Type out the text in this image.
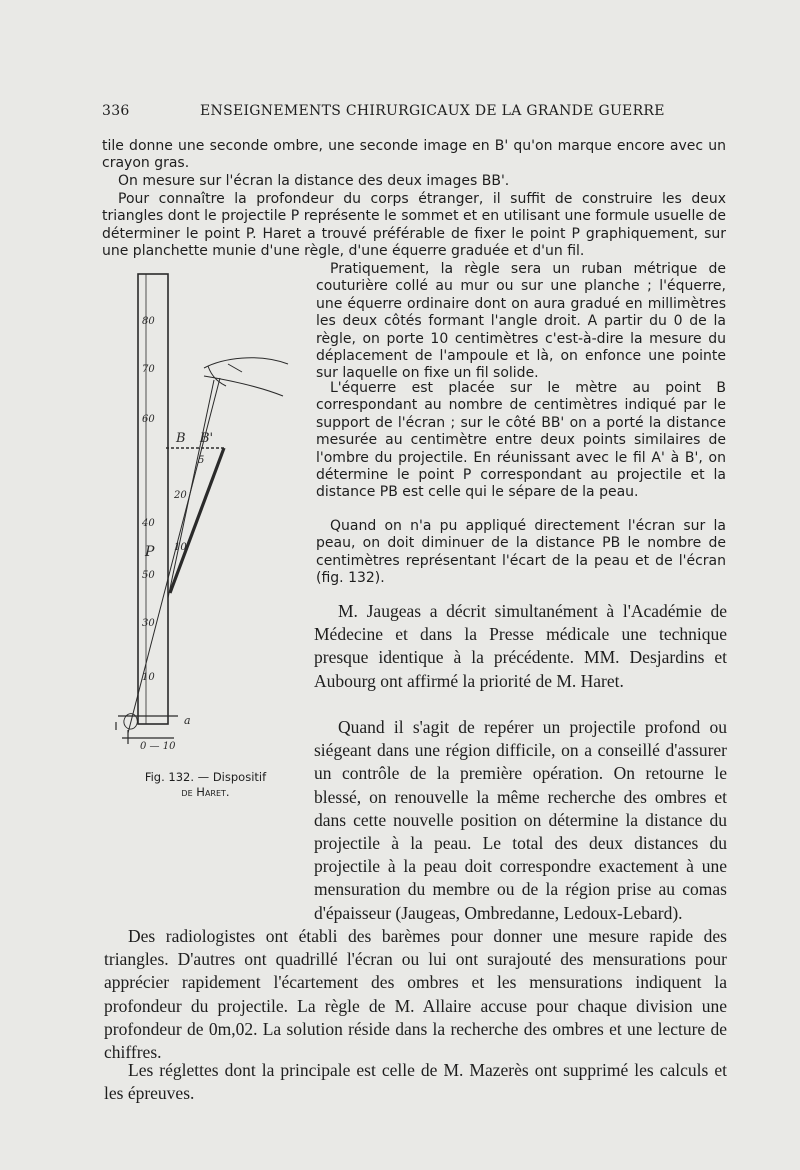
336	ENSEIGNEMENTS CHIRURGICAUX DE LA GRANDE GUERRE

tile donne une seconde ombre, une seconde image en B' qu'on marque encore avec un crayon gras.

On mesure sur l'écran la distance des deux images BB'.

Pour connaître la profondeur du corps étranger, il suffit de construire les deux triangles dont le projectile P représente le sommet et en utilisant une formule usuelle de déterminer le point P. Haret a trouvé préférable de fixer le point P graphiquement, sur une planchette munie d'une règle, d'une équerre graduée et d'un fil.

Pratiquement, la règle sera un ruban métrique de couturière collé au mur ou sur une planche ; l'équerre, une équerre ordinaire dont on aura gradué en millimètres les deux côtés formant l'angle droit. A partir du 0 de la règle, on porte 10 centimètres c'est-à-dire la mesure du déplacement de l'ampoule et là, on enfonce une pointe sur laquelle on fixe un fil solide.

L'équerre est placée sur le mètre au point B correspondant au nombre de centimètres indiqué par le support de l'écran ; sur le côté BB' on a porté la distance mesurée au centimètre entre deux points similaires de l'ombre du projectile. En réunissant avec le fil A' à B', on détermine le point P correspondant au projectile et la distance PB est celle qui le sépare de la peau.

Quand on n'a pu appliqué directement l'écran sur la peau, on doit diminuer de la distance PB le nombre de centimètres représentant l'écart de la peau et de l'écran (fig. 132).

M. Jaugeas a décrit simultanément à l'Académie de Médecine et dans la Presse médicale une technique presque identique à la précédente. MM. Desjardins et Aubourg ont affirmé la priorité de M. Haret.

Quand il s'agit de repérer un projectile profond ou siégeant dans une région difficile, on a conseillé d'assurer un contrôle de la première opération. On retourne le blessé, on renouvelle la même recherche des ombres et dans cette nouvelle position on détermine la distance du projectile à la peau. Le total des deux distances du projectile à la peau doit correspondre exactement à une mensuration du membre ou de la région prise au comas d'épaisseur (Jaugeas, Ombredanne, Ledoux-Lebard).

Des radiologistes ont établi des barèmes pour donner une mesure rapide des triangles. D'autres ont quadrillé l'écran ou lui ont surajouté des mensurations pour apprécier rapidement l'écartement des ombres et les mensurations indiquent la profondeur du projectile. La règle de M. Allaire accuse pour chaque division une profondeur de 0m,02. La solution réside dans la recherche des ombres et une lecture de chiffres.

Les réglettes dont la principale est celle de M. Mazerès ont supprimé les calculs et les épreuves.

80
70
60
50
40
30
20
10
10
5
B B'
P
a
0 — 10
Fig. 132. — Dispositif
de Haret.
